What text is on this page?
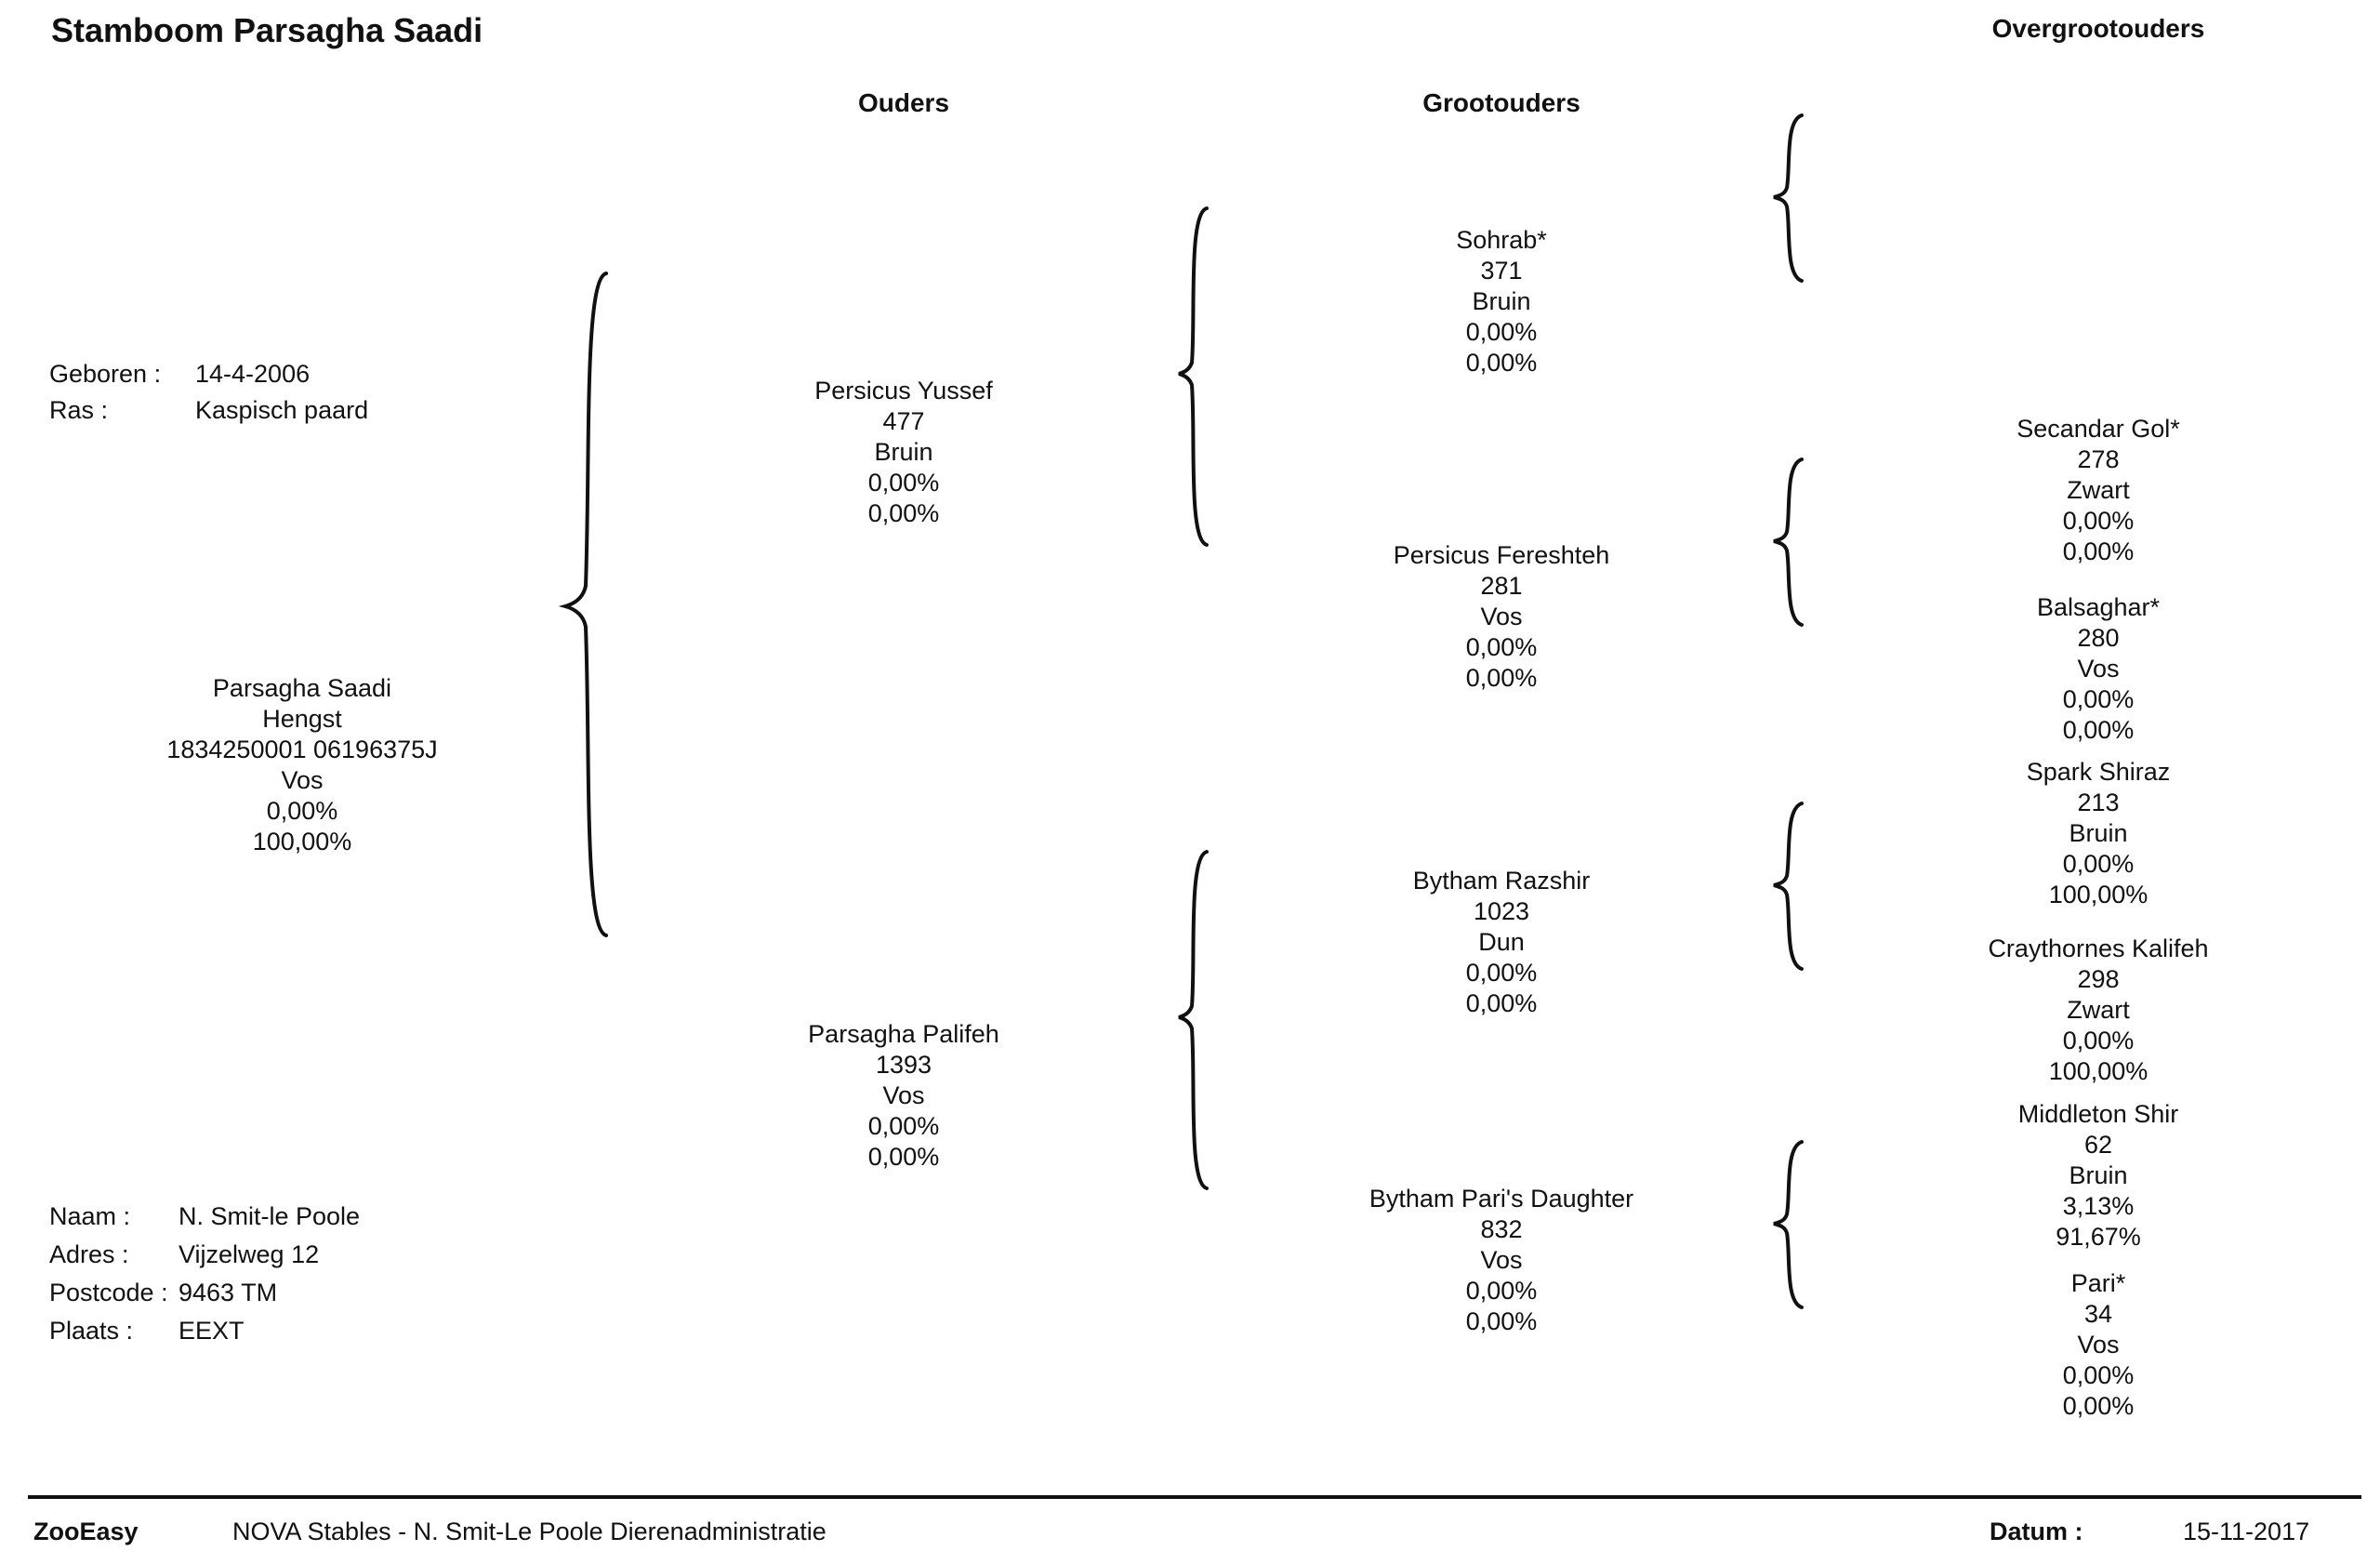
Stamboom Parsagha Saadi
Ouders	Grootouders
Overgrootouders
Geboren : 14-4-2006
Ras :	Kaspisch paard
Parsagha Saadi
Hengst
1834250001 06196375J
Vos
0,00%
100,00%
Persicus Yussef
477
Bruin
0,00%
0,00%
Parsagha Palifeh
1393
Vos
0,00%
0,00%
Sohrab*
371
Bruin
0,00%
0,00%
Persicus Fereshteh
281
Vos
0,00%
0,00%
Bytham Razshir
1023
Dun
0,00%
0,00%
Bytham Pari's Daughter
832
Vos
0,00%
0,00%
Secandar Gol*
278
Zwart
0,00%
0,00%
Balsaghar*
280
Vos
0,00%
0,00%
Spark Shiraz
213
Bruin
0,00%
100,00%
Craythornes Kalifeh
298
Zwart
0,00%
100,00%
Middleton Shir
62
Bruin
3,13%
91,67%
Pari*
34
Vos
0,00%
0,00%
Naam : N. Smit-le Poole
Adres : Vijzelweg 12
Postcode : 9463 TM
Plaats : EEXT
ZooEasy	NOVA Stables - N. Smit-Le Poole Dierenadministratie	Datum :	15-11-2017
